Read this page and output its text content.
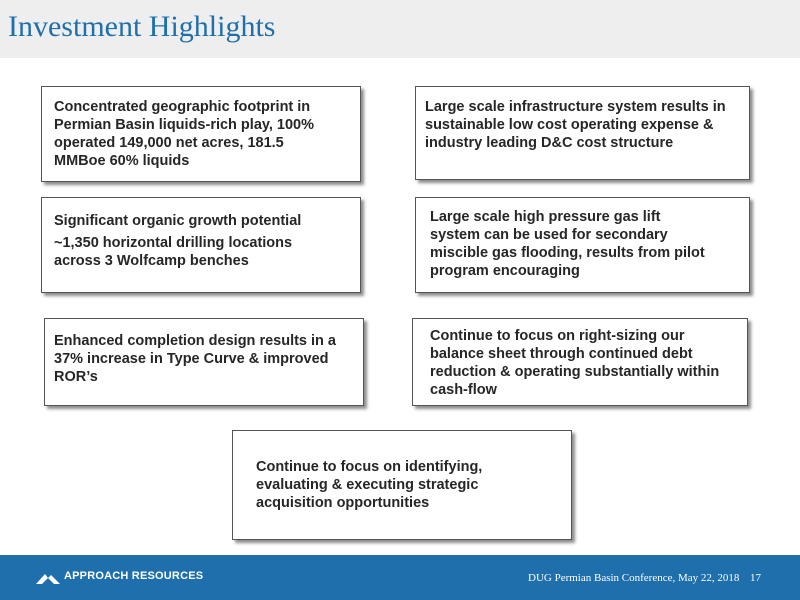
Investment Highlights
Concentrated geographic footprint in
Permian Basin liquids-rich play, 100%
operated 149,000 net acres, 181.5
MMBoe 60% liquids
Large scale infrastructure system results in
sustainable low cost operating expense &
industry leading D&C cost structure
Significant organic growth potential
~1,350 horizontal drilling locations
across 3 Wolfcamp benches
Large scale high pressure gas lift
system can be used for secondary
miscible gas flooding, results from pilot
program encouraging
Enhanced completion design results in a
37% increase in Type Curve & improved
ROR’s
Continue to focus on right-sizing our
balance sheet through continued debt
reduction & operating substantially within
cash-flow
Continue to focus on identifying,
evaluating & executing strategic
acquisition opportunities
APPROACH RESOURCES	DUG Permian Basin Conference, May 22, 2018 17
